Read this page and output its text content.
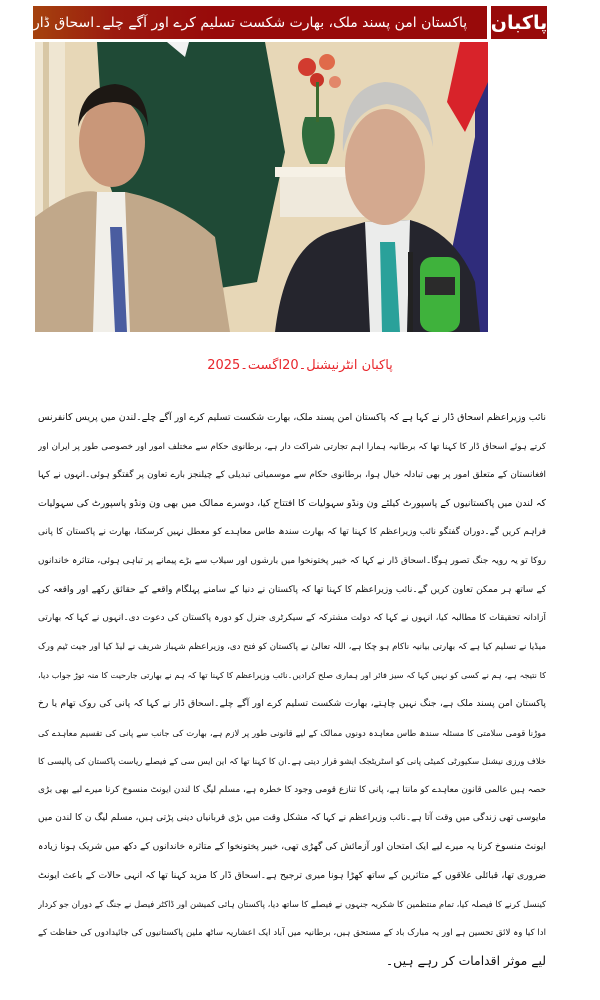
پاکستان امن پسند ملک، بھارت شکست تسلیم کرے اور آگے چلے۔اسحاق ڈار پاکبان
پاکبان انٹرنیشنل۔20اگست۔2025
نائب وزیراعظم اسحاق ڈار نے کہا ہے کہ پاکستان امن پسند ملک، بھارت شکست تسلیم کرے اور آگے چلے۔لندن میں پریس کانفرنس
کرتے ہوئے اسحاق ڈار کا کہنا تھا کہ برطانیہ ہمارا اہم تجارتی شراکت دار ہے، برطانوی حکام سے مختلف امور اور خصوصی طور پر ایران اور
افغانستان کے متعلق امور پر بھی تبادلہ خیال ہوا، برطانوی حکام سے موسمیاتی تبدیلی کے چیلنجز بارے تعاون پر گفتگو ہوئی۔انہوں نے کہا
کہ لندن میں پاکستانیوں کے پاسپورٹ کیلئے ون ونڈو سہولیات کا افتتاح کیا، دوسرے ممالک میں بھی ون ونڈو پاسپورٹ کی سہولیات
فراہم کریں گے۔دوران گفتگو نائب وزیراعظم کا کہنا تھا کہ بھارت سندھ طاس معاہدے کو معطل نہیں کرسکتا، بھارت نے پاکستان کا پانی
روکا تو یہ رویہ جنگ تصور ہوگا۔اسحاق ڈار نے کہا کہ خیبر پختونخوا میں بارشوں اور سیلاب سے بڑے پیمانے پر تباہی ہوئی، متاثرہ خاندانوں
کے ساتھ ہر ممکن تعاون کریں گے۔نائب وزیراعظم کا کہنا تھا کہ پاکستان نے دنیا کے سامنے پہلگام واقعے کے حقائق رکھے اور واقعہ کی
آزادانہ تحقیقات کا مطالبہ کیا، انہوں نے کہا کہ دولت مشترکہ کے سیکرٹری جنرل کو دورہ پاکستان کی دعوت دی۔انہوں نے کہا کہ بھارتی
میڈیا نے تسلیم کیا ہے کہ بھارتی بیانیہ ناکام ہو چکا ہے، اللہ تعالیٰ نے پاکستان کو فتح دی، وزیراعظم شہباز شریف نے لیڈ کیا اور جیت ٹیم ورک
کا نتیجہ ہے، ہم نے کسی کو نہیں کہا کہ سیز فائر اور ہماری صلح کرادیں۔نائب وزیراعظم کا کہنا تھا کہ ہم نے بھارتی جارحیت کا منہ توڑ جواب دیا،
پاکستان امن پسند ملک ہے، جنگ نہیں چاہتے، بھارت شکست تسلیم کرے اور آگے چلے۔اسحاق ڈار نے کہا کہ پانی کی روک تھام یا رخ
موڑنا قومی سلامتی کا مسئلہ سندھ طاس معاہدہ دونوں ممالک کے لیے قانونی طور پر لازم ہے، بھارت کی جانب سے پانی کی تقسیم معاہدے کی
خلاف ورزی نیشنل سکیورٹی کمیٹی پانی کو اسٹریٹجک ایشو قرار دیتی ہے۔ان کا کہنا تھا کہ این ایس سی کے فیصلے ریاست پاکستان کی پالیسی کا
حصہ ہیں عالمی قانون معاہدے کو مانتا ہے، پانی کا تنازع قومی وجود کا خطرہ ہے، مسلم لیگ کا لندن ایونٹ منسوخ کرنا میرے لیے بھی بڑی
مایوسی تھی زندگی میں وقت آتا ہے۔نائب وزیراعظم نے کہا کہ مشکل وقت میں بڑی قربانیاں دینی پڑتی ہیں، مسلم لیگ ن کا لندن میں
ایونٹ منسوخ کرنا یہ میرے لیے ایک امتحان اور آزمائش کی گھڑی تھی، خیبر پختونخوا کے متاثرہ خاندانوں کے دکھ میں شریک ہونا زیادہ
ضروری تھا، قبائلی علاقوں کے متاثرین کے ساتھ کھڑا ہونا میری ترجیح ہے۔اسحاق ڈار کا مزید کہنا تھا کہ انہی حالات کے باعث ایونٹ
کینسل کرنے کا فیصلہ کیا، تمام منتظمین کا شکریہ جنہوں نے فیصلے کا ساتھ دیا، پاکستان ہائی کمیشن اور ڈاکٹر فیصل نے جنگ کے دوران جو کردار
ادا کیا وہ لائق تحسین ہے اور یہ مبارک باد کے مستحق ہیں، برطانیہ میں آباد ایک اعشاریہ ساٹھ ملین پاکستانیوں کی جائیدادوں کی حفاظت کے
لیے موثر اقدامات کر رہے ہیں۔
